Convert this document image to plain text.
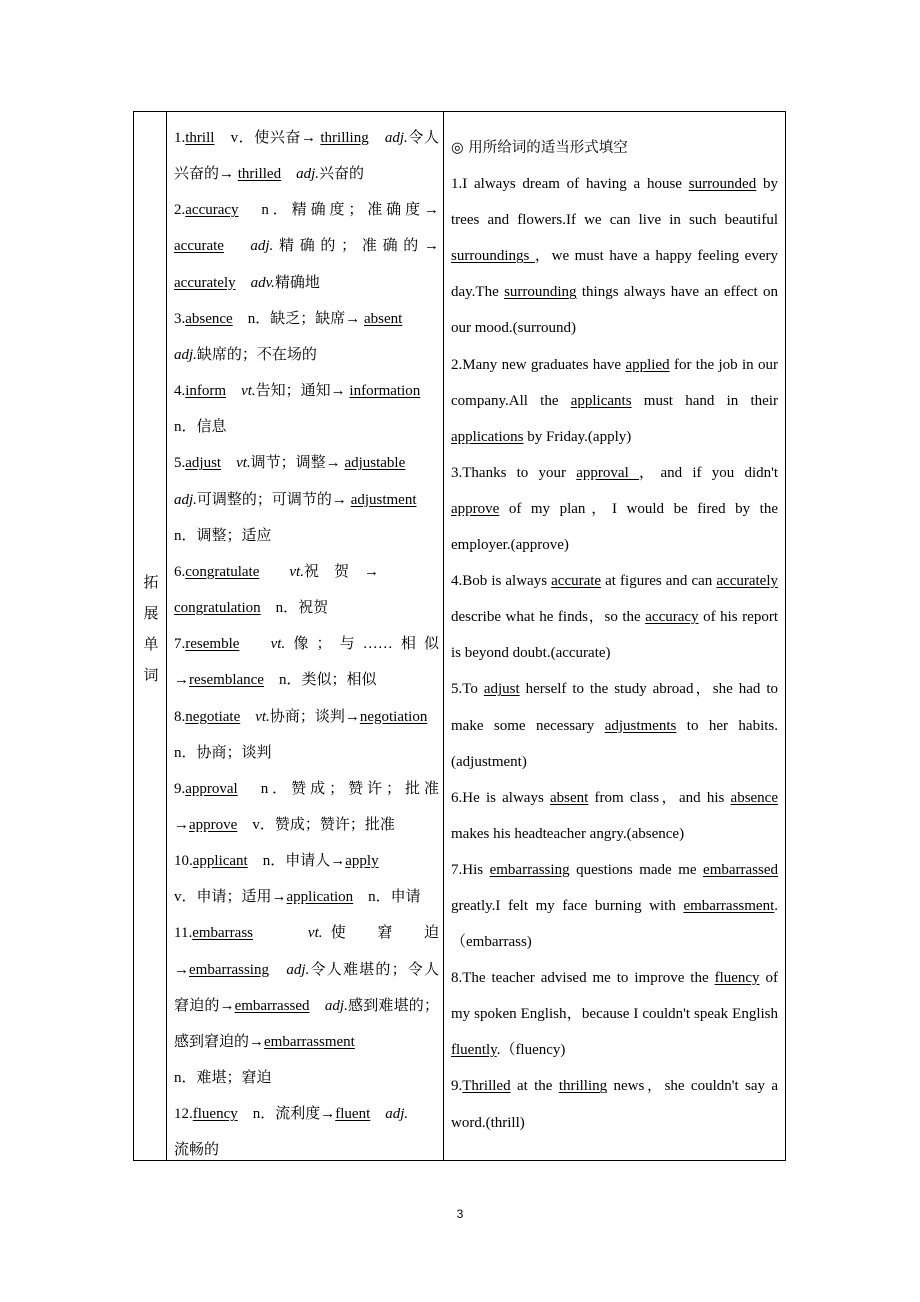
拓展单词
1.thrill　v．使兴奋→ thrilling　adj.令人兴奋的→ thrilled　adj.兴奋的
2.accuracy　n．精确度；准确度→ accurate　adj.精确的；准确的→ accurately　adv.精确地
3.absence　n．缺乏；缺席→ absent
adj.缺席的；不在场的
4.inform　vt.告知；通知→ information
n．信息
5.adjust　vt.调节；调整→ adjustable
adj.可调整的；可调节的→ adjustment
n．调整；适应
6.congratulate　　vt.祝　贺　→
congratulation　n．祝贺
7.resemble　vt.像；与……相似→resemblance　n．类似；相似
8.negotiate　vt.协商；谈判→negotiation
n．协商；谈判
9.approval　n．赞成；赞许；批准→approve　v．赞成；赞许；批准
10.applicant　n．申请人→apply
v．申请；适用→application　n．申请
11.embarrass　　vt.使　窘　迫→embarrassing　adj.令人难堪的；令人窘迫的→embarrassed　adj.感到难堪的；感到窘迫的→embarrassment
n．难堪；窘迫
12.fluency　n．流利度→fluent　adj.
流畅的
◎ 用所给词的适当形式填空
1.I always dream of having a house surrounded by trees and flowers.If we can live in such beautiful surroundings ，we must have a happy feeling every day.The surrounding things always have an effect on our mood.(surround)
2.Many new graduates have applied for the job in our company.All the applicants must hand in their applications by Friday.(apply)
3.Thanks to your approval ，and if you didn't approve of my plan，I would be fired by the employer.(approve)
4.Bob is always accurate at figures and can accurately describe what he finds，so the accuracy of his report is beyond doubt.(accurate)
5.To adjust herself to the study abroad，she had to make some necessary adjustments to her habits.(adjustment)
6.He is always absent from class，and his absence makes his headteacher angry.(absence)
7.His embarrassing questions made me embarrassed greatly.I felt my face burning with embarrassment.（embarrass)
8.The teacher advised me to improve the fluency of my spoken English，because I couldn't speak English fluently.（fluency)
9.Thrilled at the thrilling news，she couldn't say a word.(thrill)
3
